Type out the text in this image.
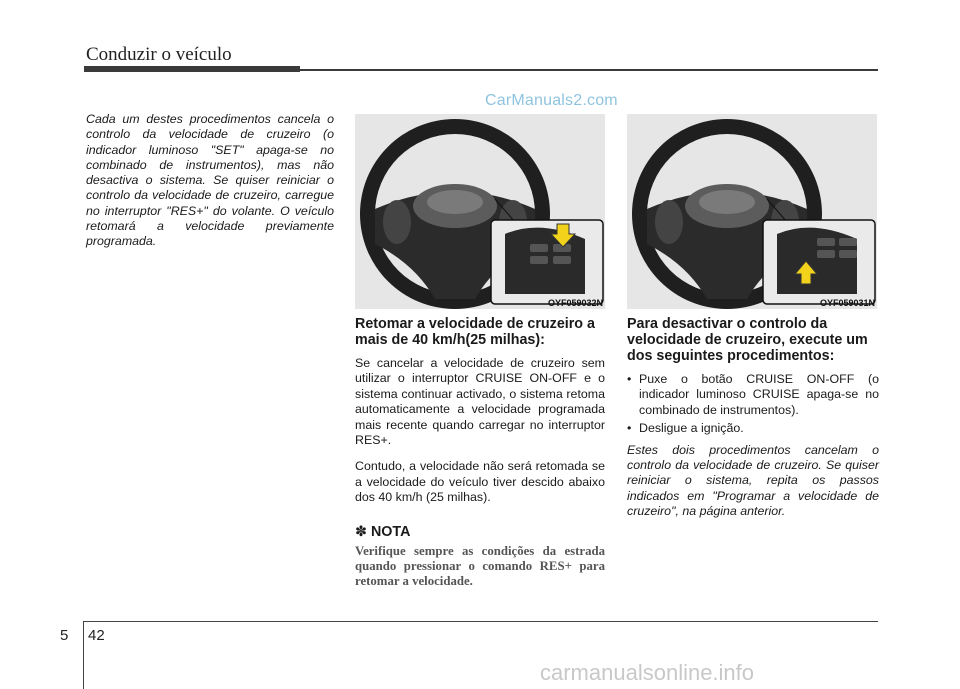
Conduzir o veículo
CarManuals2.com
Cada um destes procedimentos cancela o controlo da velocidade de cruzeiro (o indicador luminoso "SET" apaga-se no combinado de instrumentos), mas não desactiva o sistema. Se quiser reiniciar o controlo da velocidade de cruzeiro, carregue no interruptor "RES+" do volante. O veículo retomará a velocidade previamente programada.
OYF059032N	OYF059031N
Retomar a velocidade de cruzeiro a mais de 40 km/h(25 milhas):
Se cancelar a velocidade de cruzeiro sem utilizar o interruptor CRUISE ON-OFF e o sistema continuar activado, o sistema retoma automaticamente a velocidade programada mais recente quando carregar no interruptor RES+.
Contudo, a velocidade não será retomada se a velocidade do veículo tiver descido abaixo dos 40 km/h (25 milhas).
✽ NOTA
Verifique sempre as condições da estrada quando pressionar o comando RES+ para retomar a velocidade.
Para desactivar o controlo da velocidade de cruzeiro, execute um dos seguintes procedimentos:
• Puxe o botão CRUISE ON-OFF (o indicador luminoso CRUISE apaga-se no combinado de instrumentos).
• Desligue a ignição.
Estes dois procedimentos cancelam o controlo da velocidade de cruzeiro. Se quiser reiniciar o sistema, repita os passos indicados em "Programar a velocidade de cruzeiro", na página anterior.
5 42
carmanualsonline.info
